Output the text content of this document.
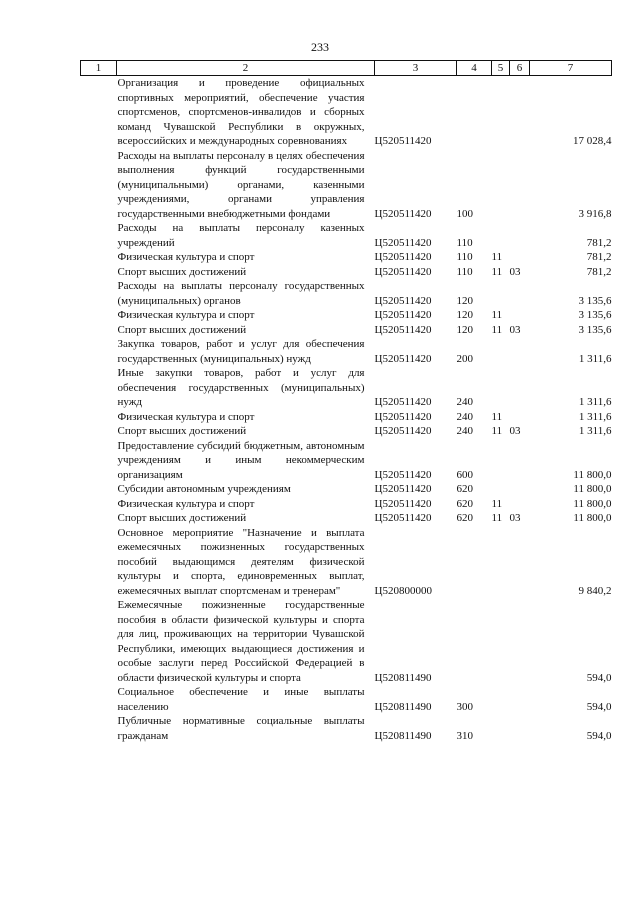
233
1	2	3	4	5	6	7
	Организация и проведение официальных спортивных мероприятий, обеспечение участия спортсменов, спортсменов-инвалидов и сборных команд Чувашской Республики в окружных, всероссийских и международных соревнованиях	Ц520511420				17 028,4
	Расходы на выплаты персоналу в целях обеспечения выполнения функций государственными (муниципальными) органами, казенными учреждениями, органами управления государственными внебюджетными фондами	Ц520511420	100			3 916,8
	Расходы на выплаты персоналу казенных учреждений	Ц520511420	110			781,2
	Физическая культура и спорт	Ц520511420	110	11		781,2
	Спорт высших достижений	Ц520511420	110	11	03	781,2
	Расходы на выплаты персоналу государственных (муниципальных) органов	Ц520511420	120			3 135,6
	Физическая культура и спорт	Ц520511420	120	11		3 135,6
	Спорт высших достижений	Ц520511420	120	11	03	3 135,6
	Закупка товаров, работ и услуг для обеспечения государственных (муниципальных) нужд	Ц520511420	200			1 311,6
	Иные закупки товаров, работ и услуг для обеспечения государственных (муниципальных) нужд	Ц520511420	240			1 311,6
	Физическая культура и спорт	Ц520511420	240	11		1 311,6
	Спорт высших достижений	Ц520511420	240	11	03	1 311,6
	Предоставление субсидий бюджетным, автономным учреждениям и иным некоммерческим организациям	Ц520511420	600			11 800,0
	Субсидии автономным учреждениям	Ц520511420	620			11 800,0
	Физическая культура и спорт	Ц520511420	620	11		11 800,0
	Спорт высших достижений	Ц520511420	620	11	03	11 800,0
	Основное мероприятие "Назначение и выплата ежемесячных пожизненных государственных пособий выдающимся деятелям физической культуры и спорта, единовременных выплат, ежемесячных выплат спортсменам и тренерам"	Ц520800000				9 840,2
	Ежемесячные пожизненные государственные пособия в области физической культуры и спорта для лиц, проживающих на территории Чувашской Республики, имеющих выдающиеся достижения и особые заслуги перед Российской Федерацией в области физической культуры и спорта	Ц520811490				594,0
	Социальное обеспечение и иные выплаты населению	Ц520811490	300			594,0
	Публичные нормативные социальные выплаты гражданам	Ц520811490	310			594,0
